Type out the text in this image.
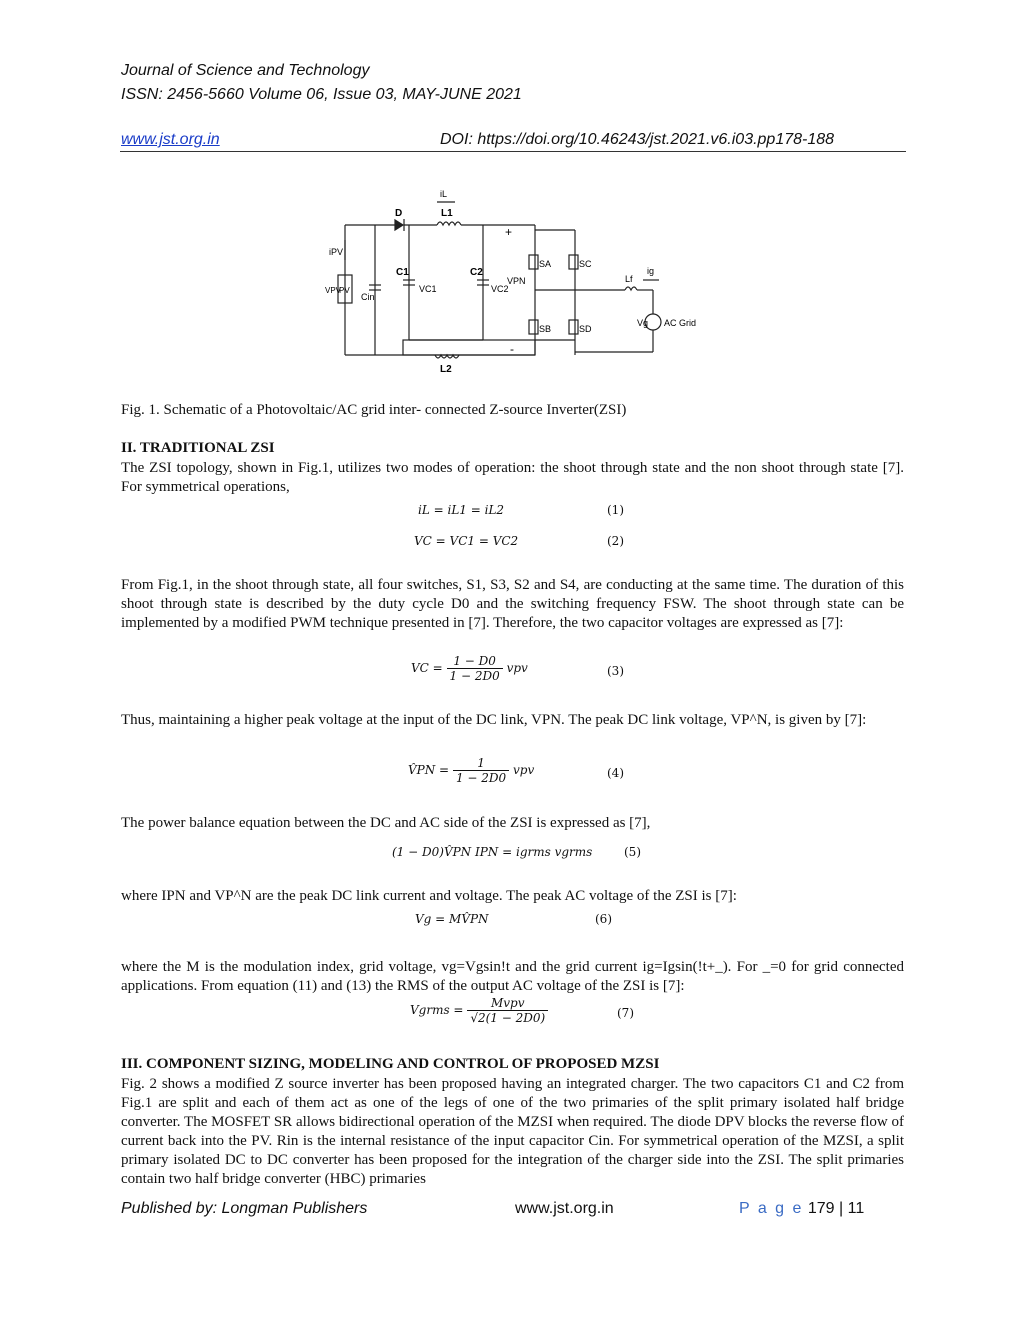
Journal of Science and Technology
ISSN: 2456-5660 Volume 06, Issue 03, MAY-JUNE 2021
www.jst.org.in	DOI: https://doi.org/10.46243/jst.2021.v6.i03.pp178-188
iL
D	L1
+
iPV
VPV
PV
Cin
C1
VC1
C2
VC2
VPN
SA	SC
SB	SD
Lf
ig
Vg AC Grid
-
L2
Fig. 1. Schematic of a Photovoltaic/AC grid inter- connected Z-source Inverter(ZSI)
II. TRADITIONAL ZSI
The ZSI topology, shown in Fig.1, utilizes two modes of operation: the shoot through state and the non shoot through state [7]. For symmetrical operations,
iL = iL1 = iL2	(1)
VC = VC1 = VC2	(2)
From Fig.1, in the shoot through state, all four switches, S1, S3, S2 and S4, are conducting at the same time. The duration of this shoot through state is described by the duty cycle D0 and the switching frequency FSW. The shoot through state can be implemented by a modified PWM technique presented in [7]. Therefore, the two capacitor voltages are expressed as [7]:
VC = $\frac{1 - D0}{1 - 2D0}$ vpv	(3)
Thus, maintaining a higher peak voltage at the input of the DC link, VPN. The peak DC link voltage, VP^N, is given by [7]:
V̂PN = $\frac{1}{1 - 2D0}$ vpv	(4)
The power balance equation between the DC and AC side of the ZSI is expressed as [7],
(1 − D0)V̂PN IPN = igrms vgrms	(5)
where IPN and VP^N are the peak DC link current and voltage. The peak AC voltage of the ZSI is [7]:
Vg = MV̂PN	(6)
where the M is the modulation index, grid voltage, vg=Vgsin!t and the grid current ig=Igsin(!t+_). For _=0 for grid connected applications. From equation (11) and (13) the RMS of the output AC voltage of the ZSI is [7]:
Vgrms = $\frac{\text{Mvpv}}{√2(1 - 2D0)}$	(7)
III. COMPONENT SIZING, MODELING AND CONTROL OF PROPOSED MZSI
Fig. 2 shows a modified Z source inverter has been proposed having an integrated charger. The two capacitors C1 and C2 from Fig.1 are split and each of them act as one of the legs of one of the two primaries of the split primary isolated half bridge converter. The MOSFET SR allows bidirectional operation of the MZSI when required. The diode DPV blocks the reverse flow of current back into the PV. Rin is the internal resistance of the input capacitor Cin. For symmetrical operation of the MZSI, a split primary isolated DC to DC converter has been proposed for the integration of the charger side into the ZSI. The split primaries contain two half bridge converter (HBC) primaries
Published by: Longman Publishers	www.jst.org.in	P a g e 179 | 11
